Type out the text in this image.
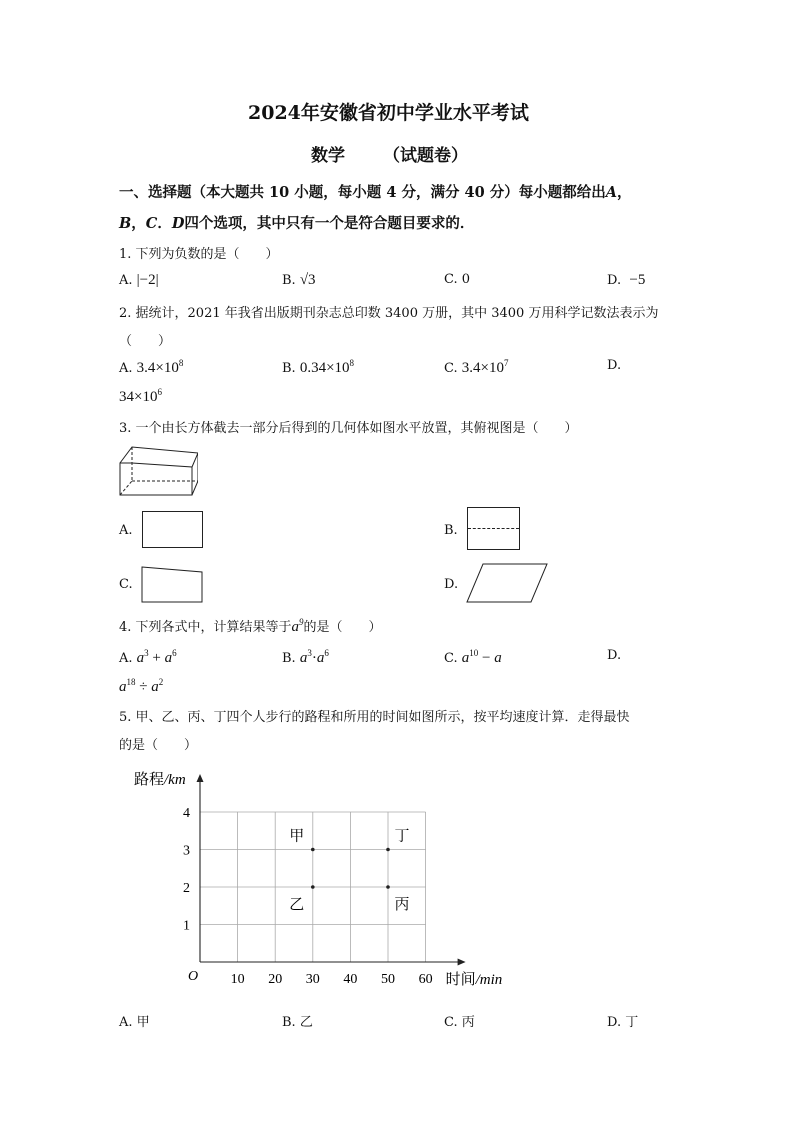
2024年安徽省初中学业水平考试
数学 （试题卷）
一、选择题（本大题共 10 小题，每小题 4 分，满分 40 分）每小题都给出A，
B，C．D四个选项，其中只有一个是符合题目要求的．
1. 下列为负数的是（　　）
A. |−2|	B. √3	C. 0	D. −5
2. 据统计，2021 年我省出版期刊杂志总印数 3400 万册，其中 3400 万用科学记数法表示为
（　　）
A. $3.4\times 10^8$	B. $0.34\times 10^8$	C. $3.4\times 10^7$	D.
$34\times 10^6$
3. 一个由长方体截去一部分后得到的几何体如图水平放置，其俯视图是（　　）
A.	B.
C.	D.
4. 下列各式中，计算结果等于$a^9$的是（　　）
A. $a^3 + a^6$	B. $a^3\cdot a^6$	C. $a^{10} - a$	D.
$a^{18} \div a^2$
5. 甲、乙、丙、丁四个人步行的路程和所用的时间如图所示，按平均速度计算．走得最快
的是（　　）
10 20 30 40 50 60
1
2
3
4
甲
乙	丙
丁
路程/km
时间/min
O
A. 甲	B. 乙	C. 丙	D. 丁
